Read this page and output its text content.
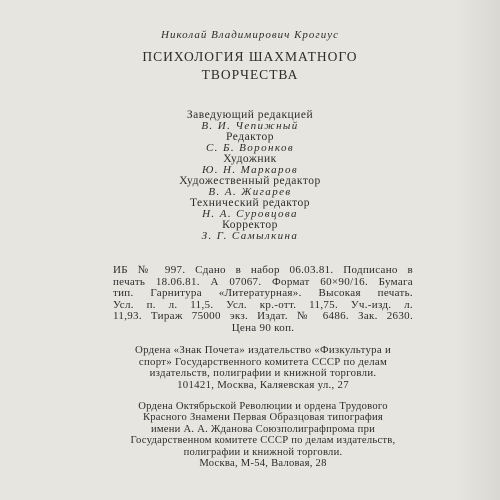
Николай Владимирович Крогиус
ПСИХОЛОГИЯ ШАХМАТНОГО
ТВОРЧЕСТВА
Заведующий редакцией
В. И. Чепижный
Редактор
С. Б. Воронков
Художник
Ю. Н. Маркаров
Художественный редактор
В. А. Жигарев
Технический редактор
Н. А. Суровцова
Корректор
З. Г. Самылкина
ИБ № 997. Сдано в набор 06.03.81. Подписано в
печать 18.06.81. А 07067. Формат 60×90/16. Бумага
тип. Гарнитура «Литературная». Высокая печать.
Усл. п. л. 11,5. Усл. кр.-отт. 11,75. Уч.-изд. л.
11,93. Тираж 75000 экз. Издат. № 6486. Зак. 2630.
Цена 90 коп.
Ордена «Знак Почета» издательство «Физкультура и
спорт» Государственного комитета СССР по делам
издательств, полиграфии и книжной торговли.
101421, Москва, Каляевская ул., 27
Ордена Октябрьской Революции и ордена Трудового
Красного Знамени Первая Образцовая типография
имени А. А. Жданова Союзполиграфпрома при
Государственном комитете СССР по делам издательств,
полиграфии и книжной торговли.
Москва, М-54, Валовая, 28
